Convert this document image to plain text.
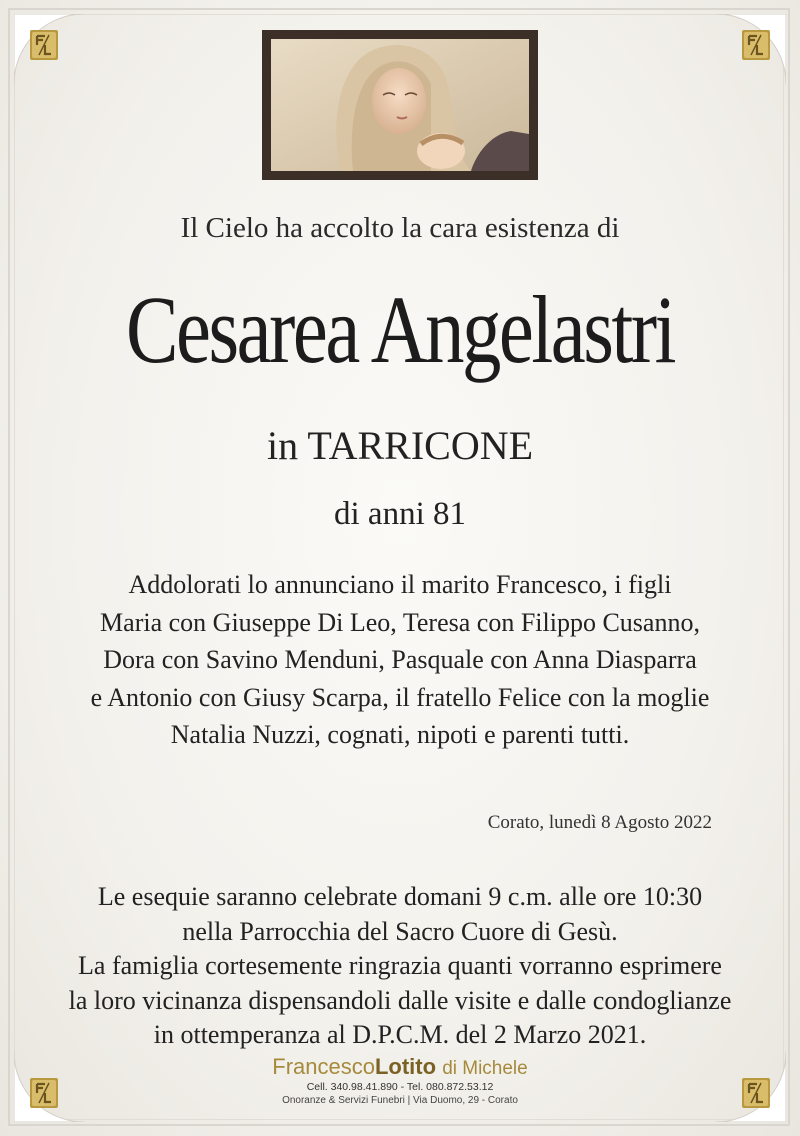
Il Cielo ha accolto la cara esistenza di
Cesarea Angelastri
in TARRICONE
di anni 81
Addolorati lo annunciano il marito Francesco, i figli
Maria con Giuseppe Di Leo, Teresa con Filippo Cusanno,
Dora con Savino Menduni, Pasquale con Anna Diasparra
e Antonio con Giusy Scarpa, il fratello Felice con la moglie
Natalia Nuzzi, cognati, nipoti e parenti tutti.
Corato, lunedì 8 Agosto 2022
Le esequie saranno celebrate domani 9 c.m. alle ore 10:30
nella Parrocchia del Sacro Cuore di Gesù.
La famiglia cortesemente ringrazia quanti vorranno esprimere
la loro vicinanza dispensandoli dalle visite e dalle condoglianze
in ottemperanza al D.P.C.M. del 2 Marzo 2021.
FrancescoLotito di Michele
Cell. 340.98.41.890 - Tel. 080.872.53.12
Onoranze & Servizi Funebri | Via Duomo, 29 - Corato
